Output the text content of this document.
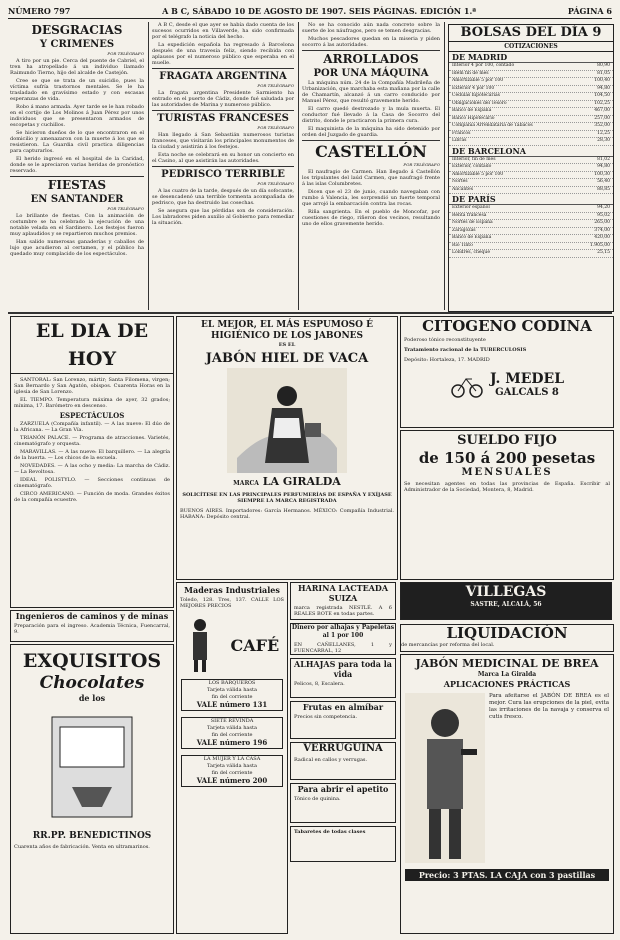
NÚMERO 797	A B C, SÁBADO 10 DE AGOSTO DE 1907. SEIS PÁGINAS. EDICIÓN 1.ª	PÁGINA 6
DESGRACIAS
Y CRIMENES
POR TELÉGRAFO

A tiro por un pie. Cerca del puente de Cabriel, el tren ha atropellado á un individuo llamado Raimundo Tierno, hijo del alcalde de Castejón.

Cree se que se trata de un suicidio, pues la víctima sufría trastornos mentales. Se le ha trasladado en gravísimo estado y con escasas esperanzas de vida.

Robo á mano armada. Ayer tarde se le han robado en el cortijo de Los Molinos á Juan Pérez por unos individuos que se presentaron armados de escopetas y cuchillos.

Se hicieron dueños de lo que encontraron en el domicilio y amenazaron con la muerte á los que se resistieron. La Guardia civil practica diligencias para capturarlos.

El herido ingresó en el hospital de la Caridad, donde se le apreciaron varias heridas de pronóstico reservado.

FIESTAS
EN SANTANDER
POR TELÉGRAFO

Lo brillante de fiestas. Con la animación de costumbre se ha celebrado la ejecución de una notable velada en el Sardinero. Los festejos fueron muy aplaudidos y se repartieron muchos premios.

Han salido numerosas ganaderías y caballos de lujo que acudieron al certamen, y el público ha quedado muy complacido de los espectáculos.

A B C, desde el que ayer se había dado cuenta de los sucesos ocurridos en Villaverde, ha sido confirmada por el telégrafo la noticia del hecho.

La expedición española ha regresado á Barcelona después de una travesía feliz, siendo recibida con aplausos por el numeroso público que esperaba en el muelle.

FRAGATA ARGENTINA
POR TELÉGRAFO

La fragata argentina Presidente Sarmiento ha entrado en el puerto de Cádiz, donde fué saludada por las autoridades de Marina y numeroso público.

TURISTAS FRANCESES
POR TELÉGRAFO

Han llegado á San Sebastián numerosos turistas franceses, que visitarán los principales monumentos de la ciudad y asistirán á los festejos.

Esta noche se celebrará en su honor un concierto en el Casino, al que asistirán las autoridades.

PEDRISCO TERRIBLE
POR TELÉGRAFO

A las cuatro de la tarde, después de un día sofocante, se desencadenó una terrible tormenta acompañada de pedrisco, que ha destruido las cosechas.

Se asegura que las pérdidas son de consideración. Los labradores piden auxilio al Gobierno para remediar la situación.

No se ha conocido aún nada concreto sobre la suerte de los náufragos, pero se temen desgracias.

Muchos pescadores quedan en la miseria y piden socorro á las autoridades.

ARROLLADOS
POR UNA MÁQUINA

La máquina núm. 24 de la Compañía Madrileña de Urbanización, que marchaba esta mañana por la calle de Chamartín, alcanzó á un carro conducido por Manuel Pérez, que resultó gravemente herido.

El carro quedó destrozado y la mula muerta. El conductor fué llevado á la Casa de Socorro del distrito, donde le practicaron la primera cura.

El maquinista de la máquina ha sido detenido por orden del Juzgado de guardia.

CASTELLÓN
POR TELÉGRAFO

El naufragio de Carmen. Han llegado á Castellón los tripulantes del laúd Carmen, que naufragó frente á las islas Columbretes.

Dicen que el 23 de junio, cuando navegaban con rumbo á Valencia, les sorprendió un fuerte temporal que arrojó la embarcación contra las rocas.

Riña sangrienta. En el pueblo de Moncofar, por cuestiones de riego, riñeron dos vecinos, resultando uno de ellos gravemente herido.

BOLSAS DEL DÍA 9
COTIZACIONES
DE MADRID
Interior 4 por 100, contado	80,90
Ídem fin de mes	81,05
Amortizable 5 por 100	100,40
Exterior 4 por 100	94,80
Cédulas hipotecarias	104,50
Obligaciones del Tesoro	102,25
Banco de España	467,00
Banco Hipotecario	257,00
Compañía Arrendataria de Tabacos	352,00
Francos	12,25
Libras	28,30
DE BARCELONA
Interior, fin de mes	81,02
Exterior, contado	94,80
Amortizable 5 por 100	100,30
Nortes	56,40
Alicantes	88,85
DE PARÍS
Exterior español	94,20
Renta francesa	95,02
Nortes de España	265,00
Zaragozas	374,00
Banco de España	420,00
Río Tinto	1.905,00
Londres, cheque	25,15
EL DIA DE HOY

SANTORAL: San Lorenzo, mártir; Santa Filomena, virgen; San Bernardo y San Agatón, obispos. Cuarenta Horas en la iglesia de San Lorenzo.

EL TIEMPO. Temperatura máxima de ayer, 32 grados; mínima, 17. Barómetro en descenso.

ESPECTÁCULOS

ZARZUELA (Compañía infantil). — A las nueve: El dúo de la Africana. — La Gran Vía.

TRIANÓN PALACE. — Programa de atracciones. Varietés, cinematógrafo y orquesta.

MARAVILLAS. — A las nueve: El barquillero. — La alegría de la huerta. — Los chicos de la escuela.

NOVEDADES. — A las ocho y media: La marcha de Cádiz. — La Revoltosa.

IDEAL POLISTYLO. — Secciones continuas de cinematógrafo.

CIRCO AMERICANO. — Función de moda. Grandes éxitos de la compañía ecuestre.

EL MEJOR, EL MÁS ESPUMOSO É HIGIÉNICO DE LOS JABONES
ES EL
JABÓN HIEL DE VACA
MARCA LA GIRALDA
SOLICÍTESE EN LAS PRINCIPALES PERFUMERÍAS DE ESPAÑA Y EXÍJASE SIEMPRE LA MARCA REGISTRADA
BUENOS AIRES. Importadores: García Hermanos. MÉXICO: Compañía Industrial. HABANA: Depósito central.
CITOGENO CODINA
Poderoso tónico reconstituyente
Tratamiento racional de la TUBERCULOSIS
Depósito: Hortaleza, 17. MADRID
J. MEDEL
GALCALS 8
SUELDO FIJO
de 150 á 200 pesetas
MENSUALES
Se necesitan agentes en todas las provincias de España. Escribir al Administrador de la Sociedad, Montera, 8, Madrid.
Ingenieros de caminos y de minas
Preparación para el ingreso. Academia Técnica, Fuencarral, 9.
EXQUISITOS
Chocolates
de los
RR.PP. BENEDICTINOS
Cuarenta años de fabricación. Venta en ultramarinos.
Maderas Industriales
Toledo, 128. Tres, 137. CALLE LOS MEJORES PRECIOS
CAFÉ
LOS BARQUEROS
Tarjeta válida hasta
fin del corriente
VALE número 131
SIETE REVINDA
Tarjeta válida hasta
fin del corriente
VALE número 196
LA MUJER Y LA CASA
Tarjeta válida hasta
fin del corriente
VALE número 200
HARINA LACTEADA SUIZA
marca registrada NESTLÉ. A 6 REALES BOTE en todas partes.
Dinero por alhajas y Papeletas al 1 por 100
EN CAÑELLANES, 1 y FUENCARRAL, 12
ALHAJAS para toda la vida
Pelicos, 8, Escalera.
Frutas en almíbar
Precios sin competencia.
VERRUGUINA
Radical en callos y verrugas.
Para abrir el apetito
Tónico de quinina.
Tabaretes de todas clases
VILLEGAS
SASTRE, ALCALÁ, 56
LIQUIDACIÓN
de mercancías por reforma del local.
JABÓN MEDICINAL DE BREA
Marca La Giralda
APLICACIONES PRÁCTICAS
Para afeitarse el JABÓN DE BREA es el mejor. Cura las erupciones de la piel, evita las irritaciones de la navaja y conserva el cutis fresco.
Precio: 3 PTAS. LA CAJA con 3 pastillas
